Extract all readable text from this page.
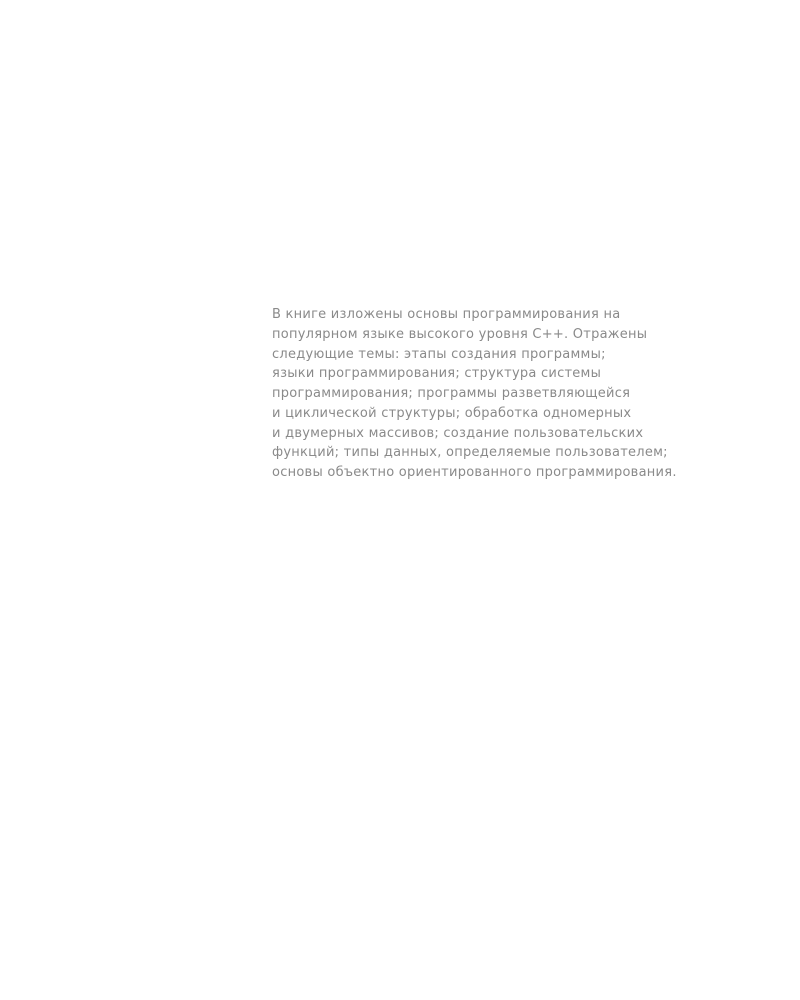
В книге изложены основы программирования на
популярном языке высокого уровня C++. Отражены
следующие темы: этапы создания программы;
языки программирования; структура системы
программирования; программы разветвляющейся
и циклической структуры; обработка одномерных
и двумерных массивов; создание пользовательских
функций; типы данных, определяемые пользователем;
основы объектно ориентированного программирования.
